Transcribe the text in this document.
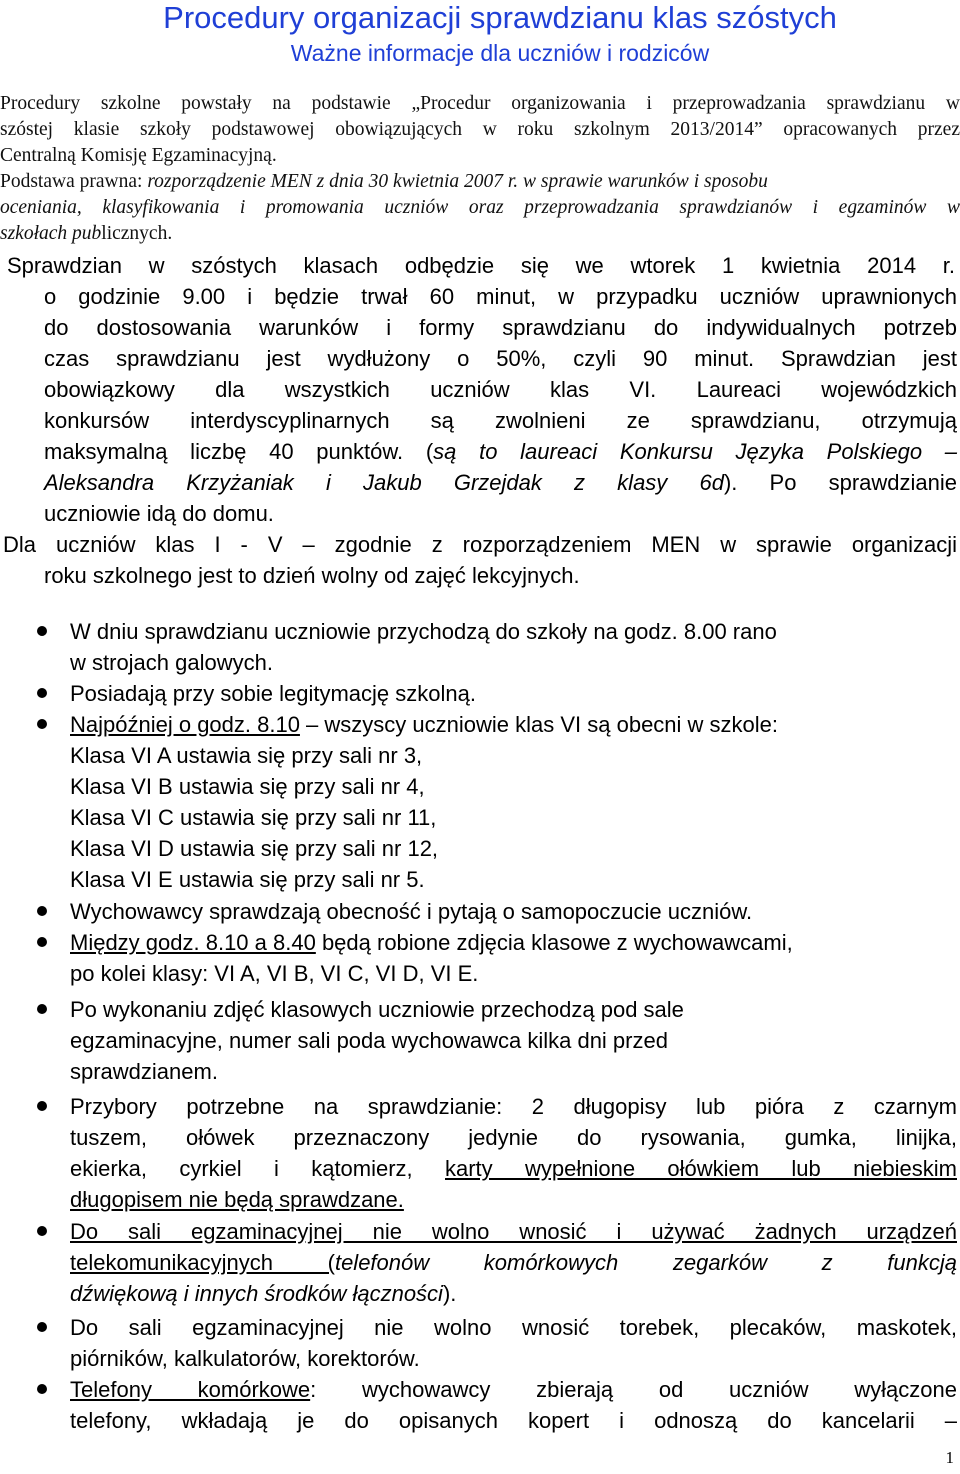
Procedury organizacji sprawdzianu klas szóstych
Ważne informacje dla uczniów i rodziców
Procedury szkolne powstały na podstawie „Procedur organizowania i przeprowadzania sprawdzianu w
szóstej klasie szkoły podstawowej obowiązujących w roku szkolnym 2013/2014” opracowanych przez
Centralną Komisję Egzaminacyjną.
Podstawa prawna: rozporządzenie MEN z dnia 30 kwietnia 2007 r. w sprawie warunków i sposobu
oceniania, klasyfikowania i promowania uczniów oraz przeprowadzania sprawdzianów i egzaminów w
szkołach publicznych.
Sprawdzian w szóstych klasach odbędzie się we wtorek 1 kwietnia 2014 r.
o godzinie 9.00 i będzie trwał 60 minut, w przypadku uczniów uprawnionych
do dostosowania warunków i formy sprawdzianu do indywidualnych potrzeb
czas sprawdzianu jest wydłużony o 50%, czyli 90 minut. Sprawdzian jest
obowiązkowy dla wszystkich uczniów klas VI. Laureaci wojewódzkich
konkursów interdyscyplinarnych są zwolnieni ze sprawdzianu, otrzymują
maksymalną liczbę 40 punktów. (są to laureaci Konkursu Języka Polskiego –
Aleksandra Krzyżaniak i Jakub Grzejdak z klasy 6d). Po sprawdzianie
uczniowie idą do domu.
Dla uczniów klas I - V – zgodnie z rozporządzeniem MEN w sprawie organizacji
roku szkolnego jest to dzień wolny od zajęć lekcyjnych.
W dniu sprawdzianu uczniowie przychodzą do szkoły na godz. 8.00 rano
w strojach galowych.
Posiadają przy sobie legitymację szkolną.
Najpóźniej o godz. 8.10 – wszyscy uczniowie klas VI są obecni w szkole:
Klasa VI A ustawia się przy sali nr 3,
Klasa VI B ustawia się przy sali nr 4,
Klasa VI C ustawia się przy sali nr 11,
Klasa VI D ustawia się przy sali nr 12,
Klasa VI E ustawia się przy sali nr 5.
Wychowawcy sprawdzają obecność i pytają o samopoczucie uczniów.
Między godz. 8.10 a 8.40 będą robione zdjęcia klasowe z wychowawcami,
po kolei klasy: VI A, VI B, VI C, VI D, VI E.
Po wykonaniu zdjęć klasowych uczniowie przechodzą pod sale
egzaminacyjne, numer sali poda wychowawca kilka dni przed
sprawdzianem.
Przybory potrzebne na sprawdzianie: 2 długopisy lub pióra z czarnym
tuszem, ołówek przeznaczony jedynie do rysowania, gumka, linijka,
ekierka, cyrkiel i kątomierz, karty wypełnione ołówkiem lub niebieskim
długopisem nie będą sprawdzane.
Do sali egzaminacyjnej nie wolno wnosić i używać żadnych urządzeń
telekomunikacyjnych (telefonów komórkowych zegarków z funkcją
dźwiękową i innych środków łączności).
Do sali egzaminacyjnej nie wolno wnosić torebek, plecaków, maskotek,
piórników, kalkulatorów, korektorów.
Telefony komórkowe: wychowawcy zbierają od uczniów wyłączone
telefony, wkładają je do opisanych kopert i odnoszą do kancelarii –
1
